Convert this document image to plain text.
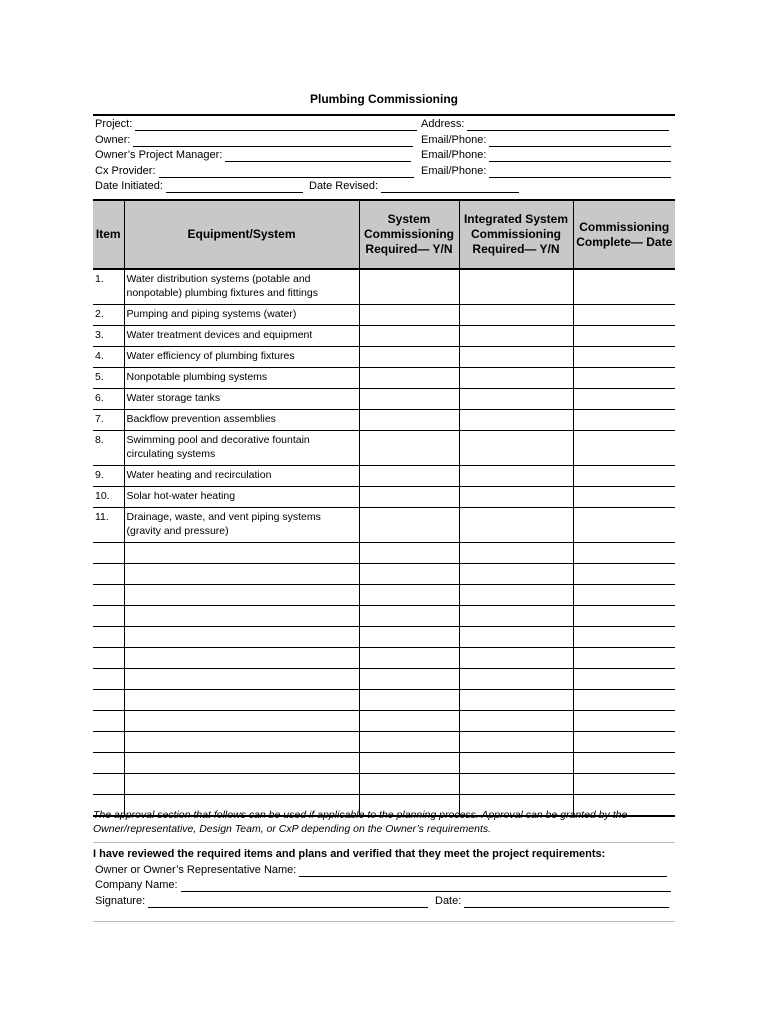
Plumbing Commissioning
Project:	Address:
Owner:	Email/Phone:
Owner’s Project Manager:	Email/Phone:
Cx Provider:	Email/Phone:
Date Initiated:	Date Revised:
Item	Equipment/System	System Commissioning Required— Y/N	Integrated System Commissioning Required— Y/N	Commissioning Complete— Date
1.	Water distribution systems (potable and nonpotable) plumbing fixtures and fittings			
2.	Pumping and piping systems (water)			
3.	Water treatment devices and equipment			
4.	Water efficiency of plumbing fixtures			
5.	Nonpotable plumbing systems			
6.	Water storage tanks			
7.	Backflow prevention assemblies			
8.	Swimming pool and decorative fountain circulating systems			
9.	Water heating and recirculation			
10.	Solar hot-water heating			
11.	Drainage, waste, and vent piping systems (gravity and pressure)			

The approval section that follows can be used if applicable to the planning process. Approval can be granted by the Owner/representative, Design Team, or CxP depending on the Owner’s requirements.
I have reviewed the required items and plans and verified that they meet the project requirements:
Owner or Owner’s Representative Name:
Company Name:
Signature:	Date:
